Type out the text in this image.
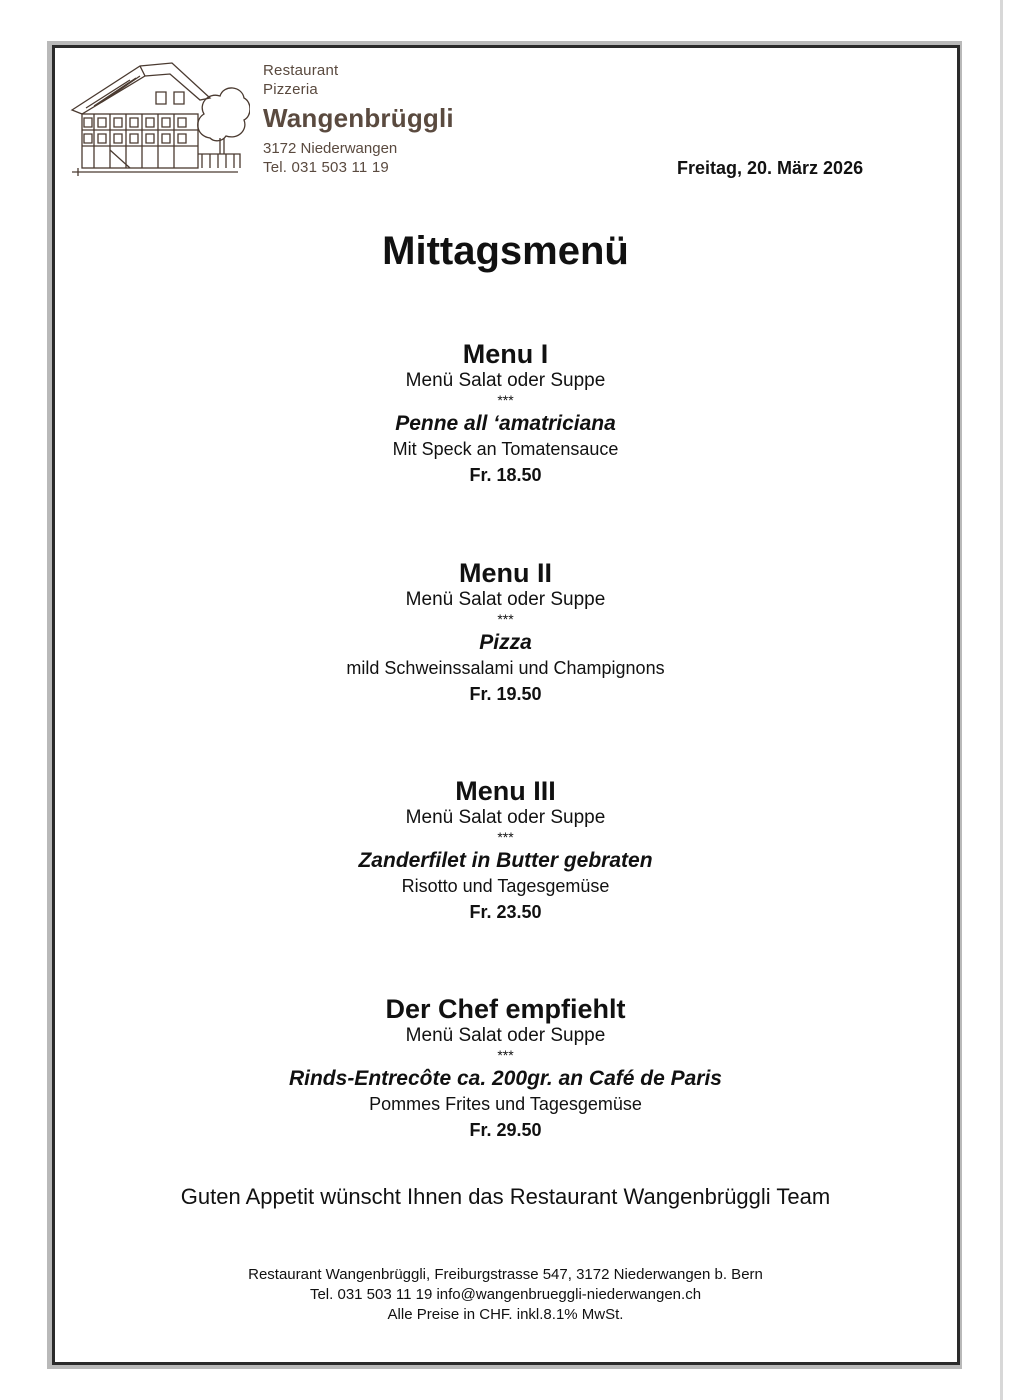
Restaurant
Pizzeria
Wangenbrüggli
3172 Niederwangen
Tel. 031 503 11 19	Freitag, 20. März 2026
Mittagsmenü
Menu I
Menü Salat oder Suppe
***
Penne all ‘amatriciana
Mit Speck an Tomatensauce
Fr. 18.50
Menu II
Menü Salat oder Suppe
***
Pizza
mild Schweinssalami und Champignons
Fr. 19.50
Menu III
Menü Salat oder Suppe
***
Zanderfilet in Butter gebraten
Risotto und Tagesgemüse
Fr. 23.50
Der Chef empfiehlt
Menü Salat oder Suppe
***
Rinds-Entrecôte ca. 200gr. an Café de Paris
Pommes Frites und Tagesgemüse
Fr. 29.50
Guten Appetit wünscht Ihnen das Restaurant Wangenbrüggli Team
Restaurant Wangenbrüggli, Freiburgstrasse 547, 3172 Niederwangen b. Bern
Tel. 031 503 11 19 info@wangenbrueggli-niederwangen.ch
Alle Preise in CHF. inkl.8.1% MwSt.
